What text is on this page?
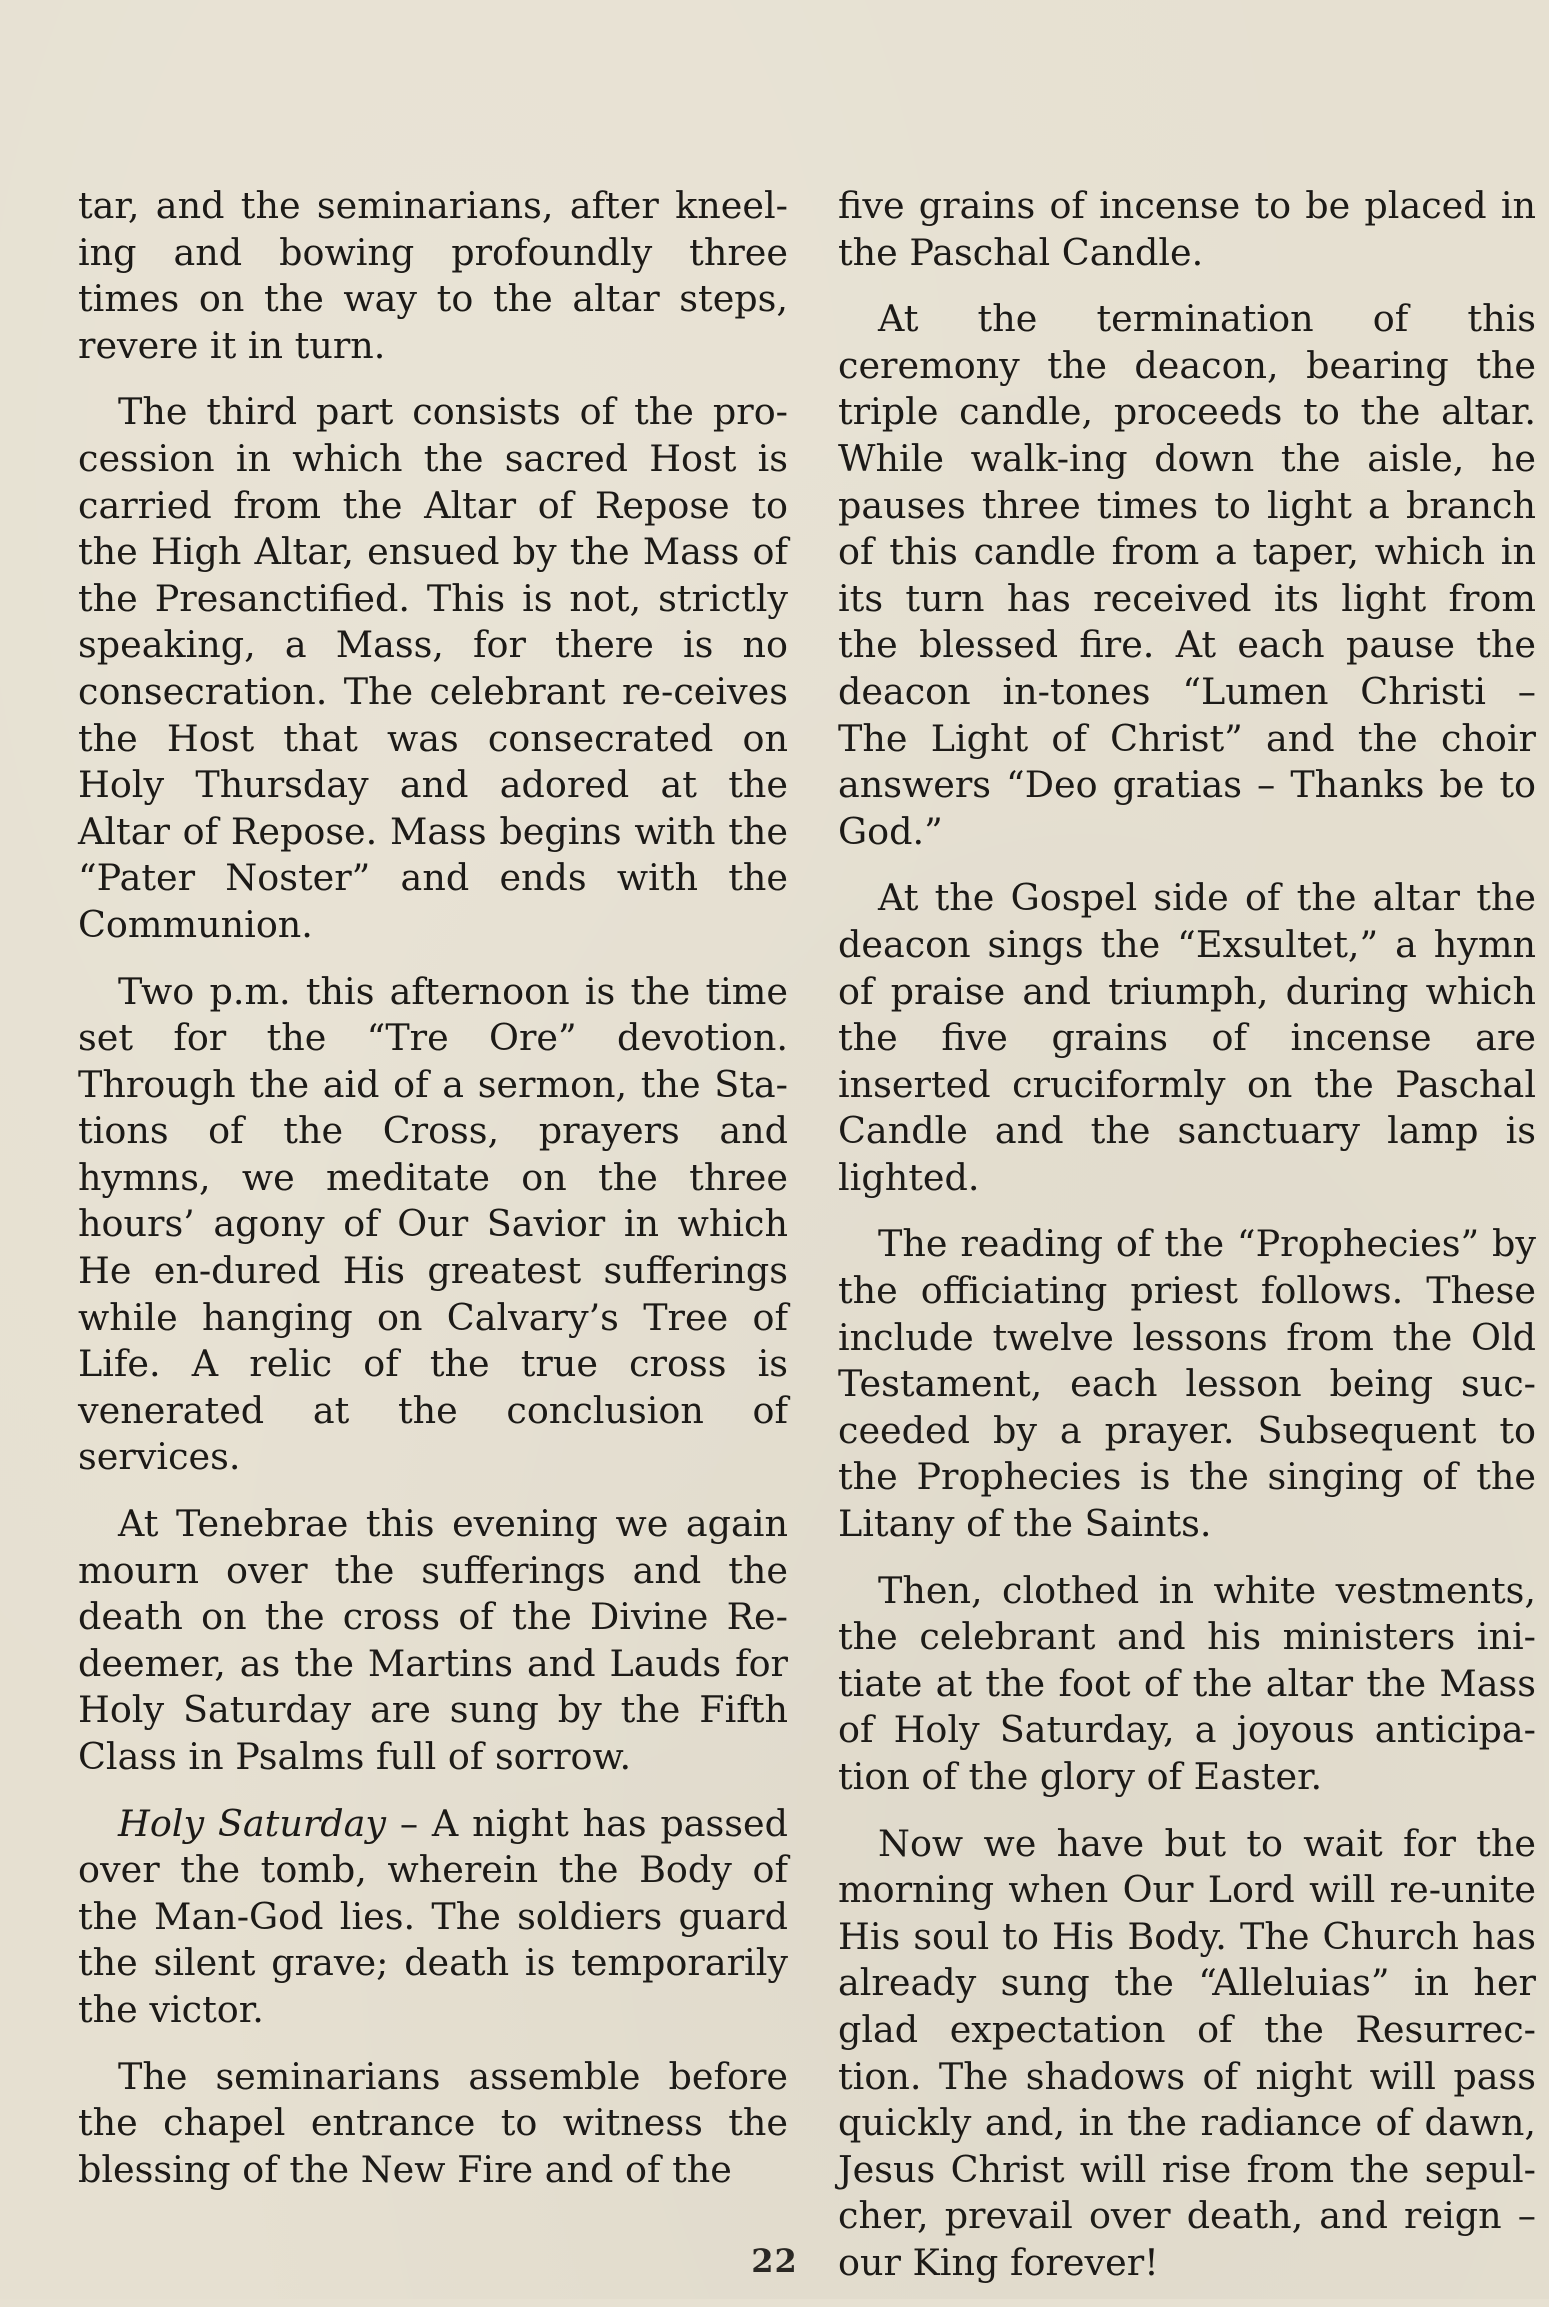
tar, and the seminarians, after kneel-ing and bowing profoundly three times on the way to the altar steps, revere it in turn.

The third part consists of the pro-cession in which the sacred Host is carried from the Altar of Repose to the High Altar, ensued by the Mass of the Presanctified. This is not, strictly speaking, a Mass, for there is no consecration. The celebrant re-ceives the Host that was consecrated on Holy Thursday and adored at the Altar of Repose. Mass begins with the “Pater Noster” and ends with the Communion.

Two p.m. this afternoon is the time set for the “Tre Ore” devotion. Through the aid of a sermon, the Sta-tions of the Cross, prayers and hymns, we meditate on the three hours’ agony of Our Savior in which He en-dured His greatest sufferings while hanging on Calvary’s Tree of Life. A relic of the true cross is venerated at the conclusion of services.

At Tenebrae this evening we again mourn over the sufferings and the death on the cross of the Divine Re-deemer, as the Martins and Lauds for Holy Saturday are sung by the Fifth Class in Psalms full of sorrow.

Holy Saturday – A night has passed over the tomb, wherein the Body of the Man-God lies. The soldiers guard the silent grave; death is temporarily the victor.

The seminarians assemble before the chapel entrance to witness the blessing of the New Fire and of the

five grains of incense to be placed in the Paschal Candle.

At the termination of this ceremony the deacon, bearing the triple candle, proceeds to the altar. While walk-ing down the aisle, he pauses three times to light a branch of this candle from a taper, which in its turn has received its light from the blessed fire. At each pause the deacon in-tones “Lumen Christi – The Light of Christ” and the choir answers “Deo gratias – Thanks be to God.”

At the Gospel side of the altar the deacon sings the “Exsultet,” a hymn of praise and triumph, during which the five grains of incense are inserted cruciformly on the Paschal Candle and the sanctuary lamp is lighted.

The reading of the “Prophecies” by the officiating priest follows. These include twelve lessons from the Old Testament, each lesson being suc-ceeded by a prayer. Subsequent to the Prophecies is the singing of the Litany of the Saints.

Then, clothed in white vestments, the celebrant and his ministers ini-tiate at the foot of the altar the Mass of Holy Saturday, a joyous anticipa-tion of the glory of Easter.

Now we have but to wait for the morning when Our Lord will re-unite His soul to His Body. The Church has already sung the “Alleluias” in her glad expectation of the Resurrec-tion. The shadows of night will pass quickly and, in the radiance of dawn, Jesus Christ will rise from the sepul-cher, prevail over death, and reign – our King forever!

22
